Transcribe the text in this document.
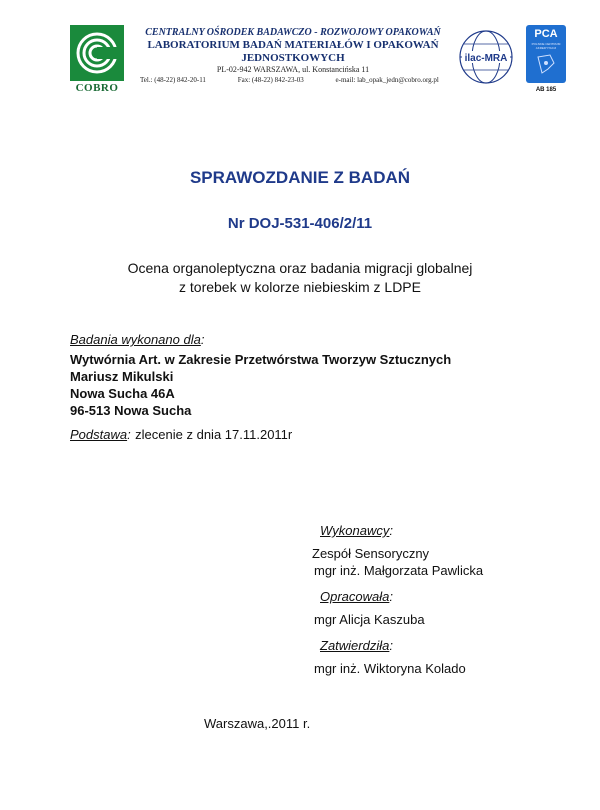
COBRO
CENTRALNY OŚRODEK BADAWCZO - ROZWOJOWY OPAKOWAŃ
LABORATORIUM BADAŃ MATERIAŁÓW I OPAKOWAŃ
JEDNOSTKOWYCH
PL-02-942 WARSZAWA, ul. Konstancińska 11
Tel.: (48-22) 842-20-11	Fax: (48-22) 842-23-03	e-mail: lab_opak_jedn@cobro.org.pl
ilac-MRA
PCA
POLSKIE CENTRUM AKREDYTACJI
AB 185
SPRAWOZDANIE Z BADAŃ
Nr DOJ-531-406/2/11
Ocena organoleptyczna oraz badania migracji globalnej
z torebek w kolorze niebieskim z LDPE
Badania wykonano dla:
Wytwórnia Art. w Zakresie Przetwórstwa Tworzyw Sztucznych
Mariusz Mikulski
Nowa Sucha 46A
96-513 Nowa Sucha
Podstawa: zlecenie z dnia 17.11.2011r
Wykonawcy:
Zespół Sensoryczny
mgr inż. Małgorzata Pawlicka
Opracowała:
mgr Alicja Kaszuba
Zatwierdziła:
mgr inż. Wiktoryna Kolado
Warszawa,.2011 r.
